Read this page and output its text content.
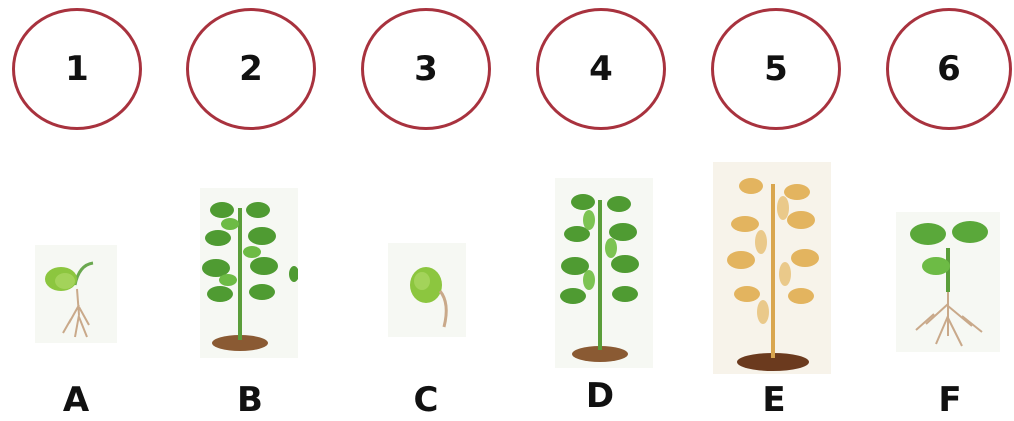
1	2	3	4	5	6
A	B	C	D	E	F
